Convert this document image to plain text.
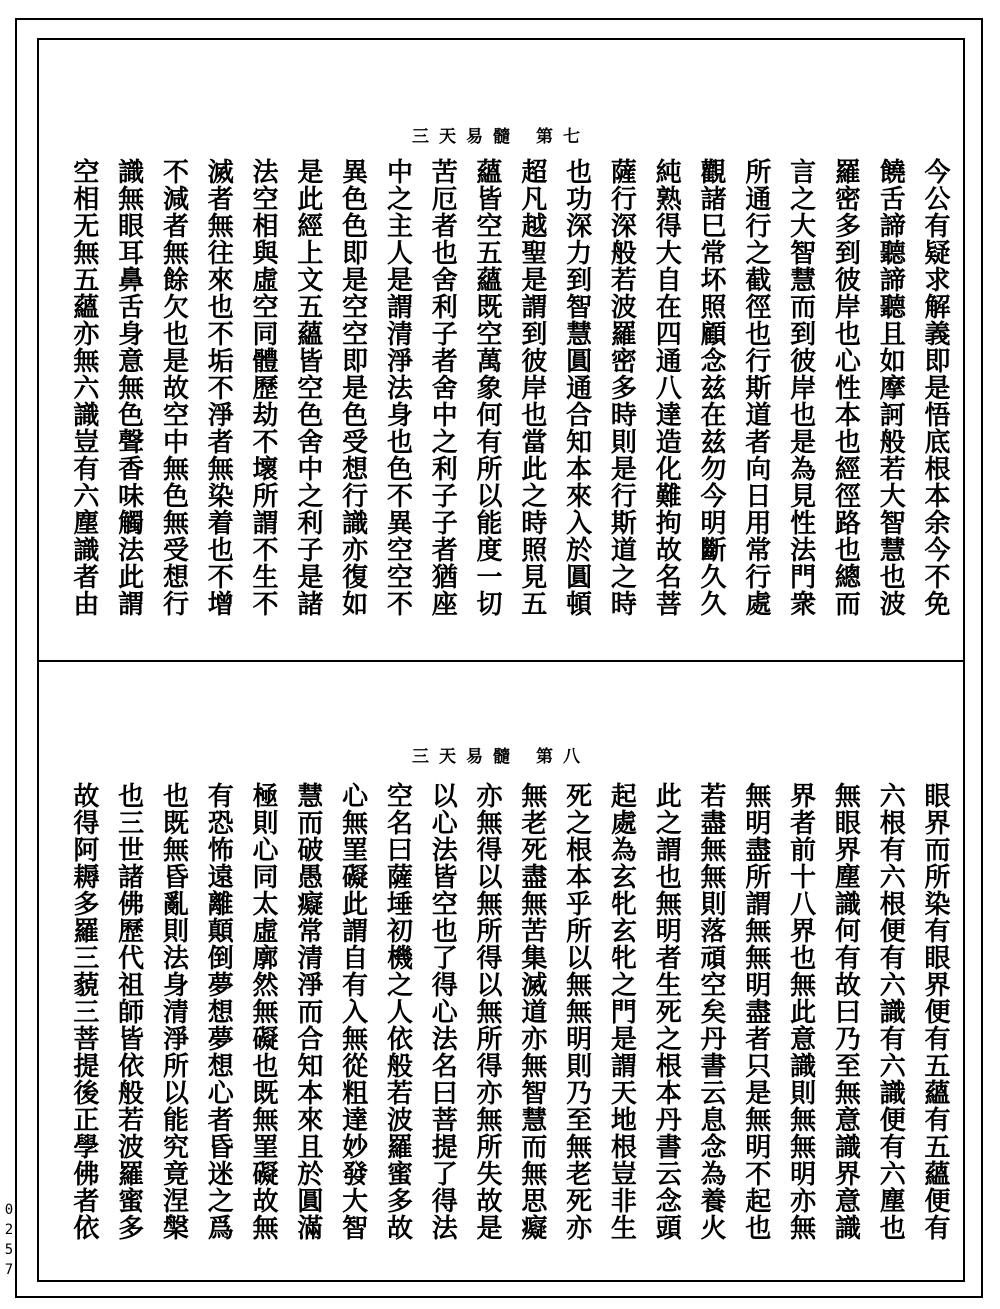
三天易髓 第七
今公有疑求解義即是悟底根本余今不免
饒舌諦聽諦聽且如摩訶般若大智慧也波
羅密多到彼岸也心性本也經徑路也總而
言之大智慧而到彼岸也是為見性法門衆
所通行之截徑也行斯道者向日用常行處
觀諸巳常坏照顧念兹在兹勿今明斷久久
純熟得大自在四通八達造化難拘故名菩
薩行深般若波羅密多時則是行斯道之時
也功深力到智慧圓通合知本來入於圓頓
超凡越聖是謂到彼岸也當此之時照見五
蘊皆空五蘊既空萬象何有所以能度一切
苦厄者也舍利子者舍中之利子子者猶座
中之主人是謂清淨法身也色不異空空不
異色色即是空空即是色受想行識亦復如
是此經上文五蘊皆空色舍中之利子是諸
法空相與虛空同體歷劫不壞所謂不生不
滅者無往來也不垢不淨者無染着也不增
不減者無餘欠也是故空中無色無受想行
識無眼耳鼻舌身意無色聲香味觸法此謂
空相无無五蘊亦無六識豈有六塵識者由
三天易髓 第八
眼界而所染有眼界便有五蘊有五蘊便有
六根有六根便有六識有六識便有六塵也
無眼界塵識何有故曰乃至無意識界意識
界者前十八界也無此意識則無無明亦無
無明盡所謂無無明盡者只是無明不起也
若盡無無則落頑空矣丹書云息念為養火
此之謂也無明者生死之根本丹書云念頭
起處為玄牝玄牝之門是謂天地根豈非生
死之根本乎所以無無明則乃至無老死亦
無老死盡無苦集滅道亦無智慧而無思癡
亦無得以無所得以無所得亦無所失故是
以心法皆空也了得心法名曰菩提了得法
空名曰薩埵初機之人依般若波羅蜜多故
心無罣礙此謂自有入無從粗達妙發大智
慧而破愚癡常清淨而合知本來且於圓滿
極則心同太虛廓然無礙也既無罣礙故無
有恐怖遠離顛倒夢想夢想心者昏迷之爲
也既無昏亂則法身清淨所以能究竟涅槃
也三世諸佛歷代祖師皆依般若波羅蜜多
故得阿耨多羅三藐三菩提後正學佛者依
0257
